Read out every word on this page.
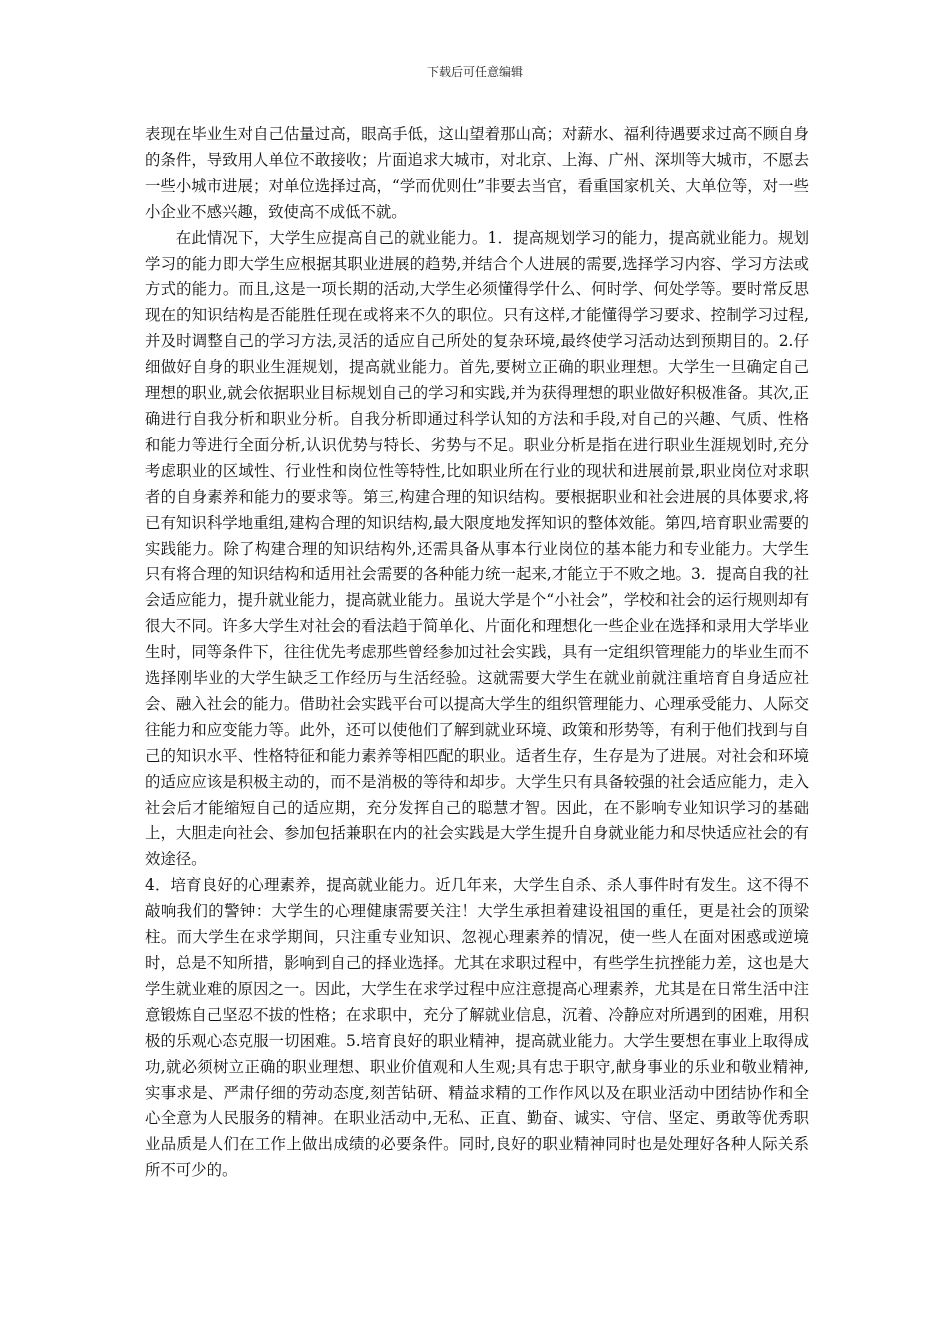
下载后可任意编辑

表现在毕业生对自己估量过高，眼高手低，这山望着那山高；对薪水、福利待遇要求过高不顾自身的条件，导致用人单位不敢接收；片面追求大城市，对北京、上海、广州、深圳等大城市，不愿去一些小城市进展；对单位选择过高，“学而优则仕”非要去当官，看重国家机关、大单位等，对一些小企业不感兴趣，致使高不成低不就。

在此情况下，大学生应提高自己的就业能力。1．提高规划学习的能力，提高就业能力。规划学习的能力即大学生应根据其职业进展的趋势,并结合个人进展的需要,选择学习内容、学习方法或方式的能力。而且,这是一项长期的活动,大学生必须懂得学什么、何时学、何处学等。要时常反思现在的知识结构是否能胜任现在或将来不久的职位。只有这样,才能懂得学习要求、控制学习过程,并及时调整自己的学习方法,灵活的适应自己所处的复杂环境,最终使学习活动达到预期目的。2.仔细做好自身的职业生涯规划，提高就业能力。首先,要树立正确的职业理想。大学生一旦确定自己理想的职业,就会依据职业目标规划自己的学习和实践,并为获得理想的职业做好积极准备。其次,正确进行自我分析和职业分析。自我分析即通过科学认知的方法和手段,对自己的兴趣、气质、性格和能力等进行全面分析,认识优势与特长、劣势与不足。职业分析是指在进行职业生涯规划时,充分考虑职业的区域性、行业性和岗位性等特性,比如职业所在行业的现状和进展前景,职业岗位对求职者的自身素养和能力的要求等。第三,构建合理的知识结构。要根据职业和社会进展的具体要求,将已有知识科学地重组,建构合理的知识结构,最大限度地发挥知识的整体效能。第四,培育职业需要的实践能力。除了构建合理的知识结构外,还需具备从事本行业岗位的基本能力和专业能力。大学生只有将合理的知识结构和适用社会需要的各种能力统一起来,才能立于不败之地。3．提高自我的社会适应能力，提升就业能力，提高就业能力。虽说大学是个“小社会”，学校和社会的运行规则却有很大不同。许多大学生对社会的看法趋于简单化、片面化和理想化一些企业在选择和录用大学毕业生时，同等条件下，往往优先考虑那些曾经参加过社会实践，具有一定组织管理能力的毕业生而不选择刚毕业的大学生缺乏工作经历与生活经验。这就需要大学生在就业前就注重培育自身适应社会、融入社会的能力。借助社会实践平台可以提高大学生的组织管理能力、心理承受能力、人际交往能力和应变能力等。此外，还可以使他们了解到就业环境、政策和形势等，有利于他们找到与自己的知识水平、性格特征和能力素养等相匹配的职业。适者生存，生存是为了进展。对社会和环境的适应应该是积极主动的，而不是消极的等待和却步。大学生只有具备较强的社会适应能力，走入社会后才能缩短自己的适应期，充分发挥自己的聪慧才智。因此，在不影响专业知识学习的基础上，大胆走向社会、参加包括兼职在内的社会实践是大学生提升自身就业能力和尽快适应社会的有效途径。

4．培育良好的心理素养，提高就业能力。近几年来，大学生自杀、杀人事件时有发生。这不得不敲响我们的警钟：大学生的心理健康需要关注！大学生承担着建设祖国的重任，更是社会的顶梁柱。而大学生在求学期间，只注重专业知识、忽视心理素养的情况，使一些人在面对困惑或逆境时，总是不知所措，影响到自己的择业选择。尤其在求职过程中，有些学生抗挫能力差，这也是大学生就业难的原因之一。因此，大学生在求学过程中应注意提高心理素养，尤其是在日常生活中注意锻炼自己坚忍不拔的性格；在求职中，充分了解就业信息，沉着、冷静应对所遇到的困难，用积极的乐观心态克服一切困难。5.培育良好的职业精神，提高就业能力。大学生要想在事业上取得成功,就必须树立正确的职业理想、职业价值观和人生观;具有忠于职守,献身事业的乐业和敬业精神,实事求是、严肃仔细的劳动态度,刻苦钻研、精益求精的工作作风以及在职业活动中团结协作和全心全意为人民服务的精神。在职业活动中,无私、正直、勤奋、诚实、守信、坚定、勇敢等优秀职业品质是人们在工作上做出成绩的必要条件。同时,良好的职业精神同时也是处理好各种人际关系所不可少的。
